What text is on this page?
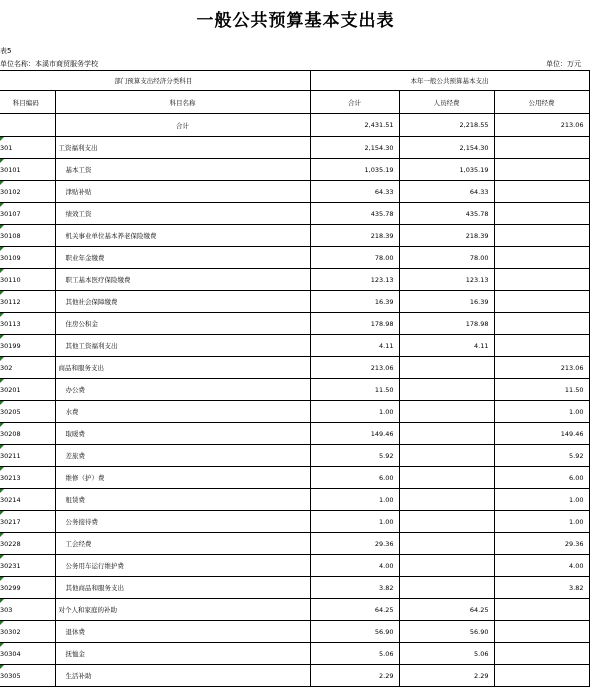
一般公共预算基本支出表
表5
单位名称：本溪市商贸服务学校	单位：万元
部门预算支出经济分类科目		本年一般公共预算基本支出		
科目编码	科目名称	合计	人员经费	公用经费
	合计	2,431.51	2,218.55	213.06

301	工资福利支出	2,154.30	2,154.30	

30101	基本工资	1,035.19	1,035.19	

30102	津贴补贴	64.33	64.33	

30107	绩效工资	435.78	435.78	

30108	机关事业单位基本养老保险缴费	218.39	218.39	

30109	职业年金缴费	78.00	78.00	

30110	职工基本医疗保险缴费	123.13	123.13	

30112	其他社会保障缴费	16.39	16.39	

30113	住房公积金	178.98	178.98	

30199	其他工资福利支出	4.11	4.11	

302	商品和服务支出	213.06		213.06

30201	办公费	11.50		11.50

30205	水费	1.00		1.00

30208	取暖费	149.46		149.46

30211	差旅费	5.92		5.92

30213	维修（护）费	6.00		6.00

30214	租赁费	1.00		1.00

30217	公务接待费	1.00		1.00

30228	工会经费	29.36		29.36

30231	公务用车运行维护费	4.00		4.00

30299	其他商品和服务支出	3.82		3.82

303	对个人和家庭的补助	64.25	64.25	

30302	退休费	56.90	56.90	

30304	抚恤金	5.06	5.06	

30305	生活补助	2.29	2.29	
